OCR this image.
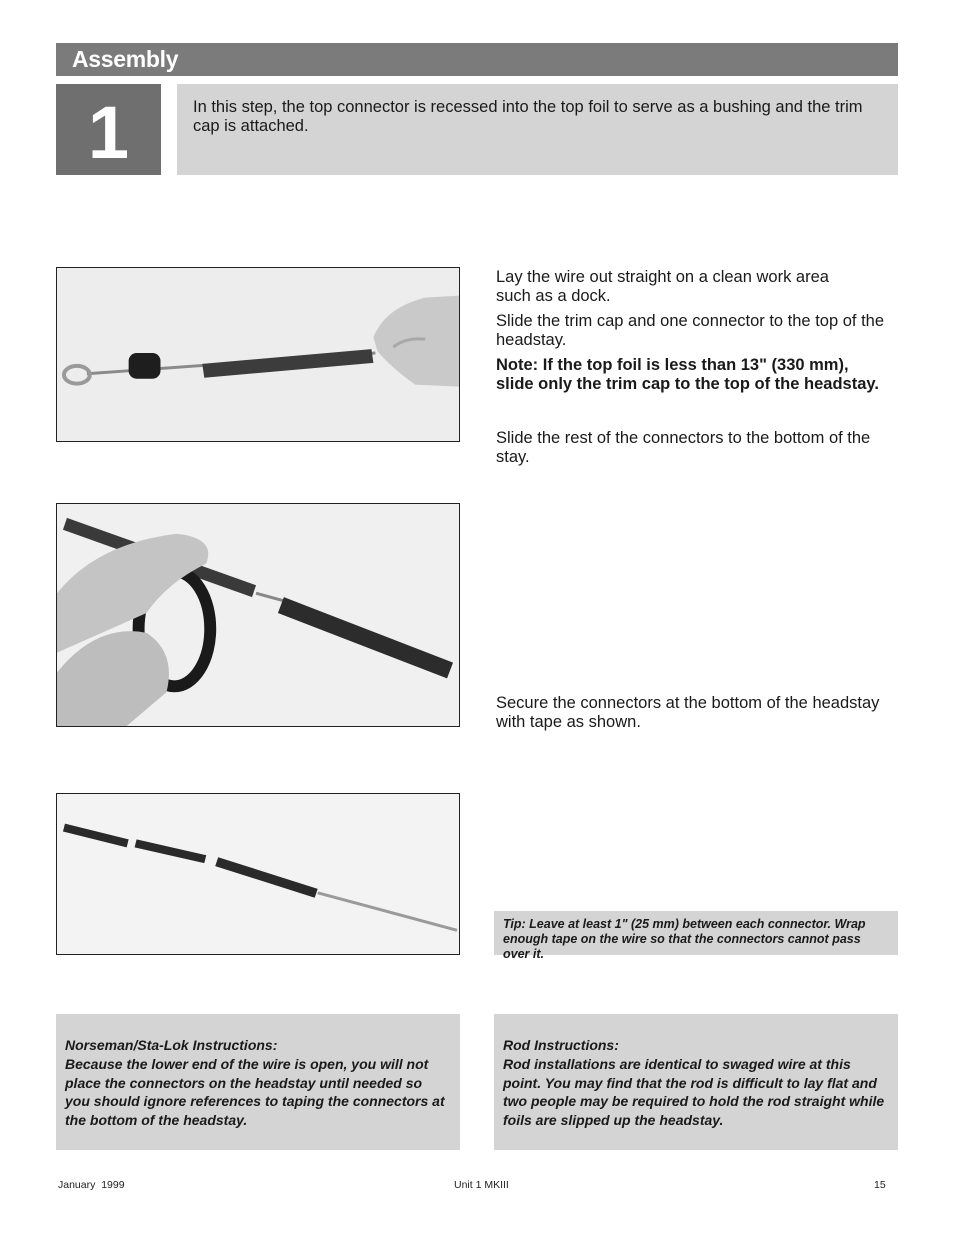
Assembly
1	In this step, the top connector is recessed into the top foil to serve as a bushing and the trim cap is attached.

Lay the wire out straight on a clean work area such as a dock.

Slide the trim cap and one connector to the top of the headstay.

Note: If the top foil is less than 13" (330 mm), slide only the trim cap to the top of the headstay.

Slide the rest of the connectors to the bottom of the stay.
Secure the connectors at the bottom of the headstay with tape as shown.
Tip: Leave at least 1" (25 mm) between each connector. Wrap enough tape on the wire so that the connectors cannot pass over it.
Norseman/Sta-Lok Instructions:
Because the lower end of the wire is open, you will not place the connectors on the headstay until needed so you should ignore references to taping the connectors at the bottom of the headstay.
Rod Instructions:
Rod installations are identical to swaged wire at this point. You may find that the rod is difficult to lay flat and two people may be required to hold the rod straight while foils are slipped up the headstay.
January  1999	Unit 1 MKIII	15
